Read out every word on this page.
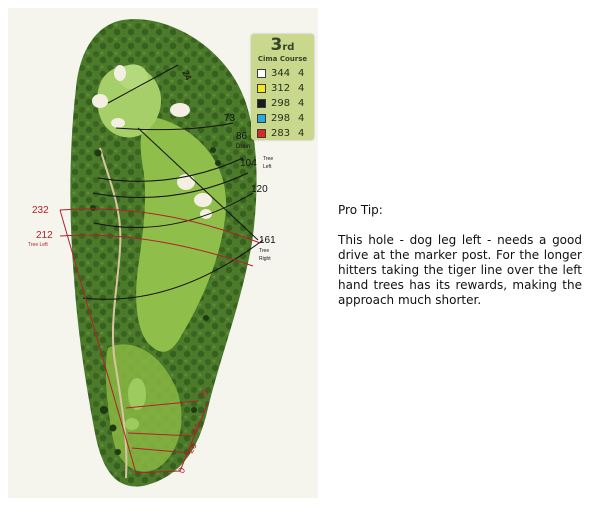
24
73
86
Drain
104 Tree
Left
120
161
Tree
Right
232
212
Tree Left
75
44
26
0
3rd
Cima Course
344 4
312 4
298 4
298 4
283 4

Pro Tip:

This hole - dog leg left - needs a good drive at the marker post. For the longer hitters taking the tiger line over the left hand trees has its rewards, making the approach much shorter.
